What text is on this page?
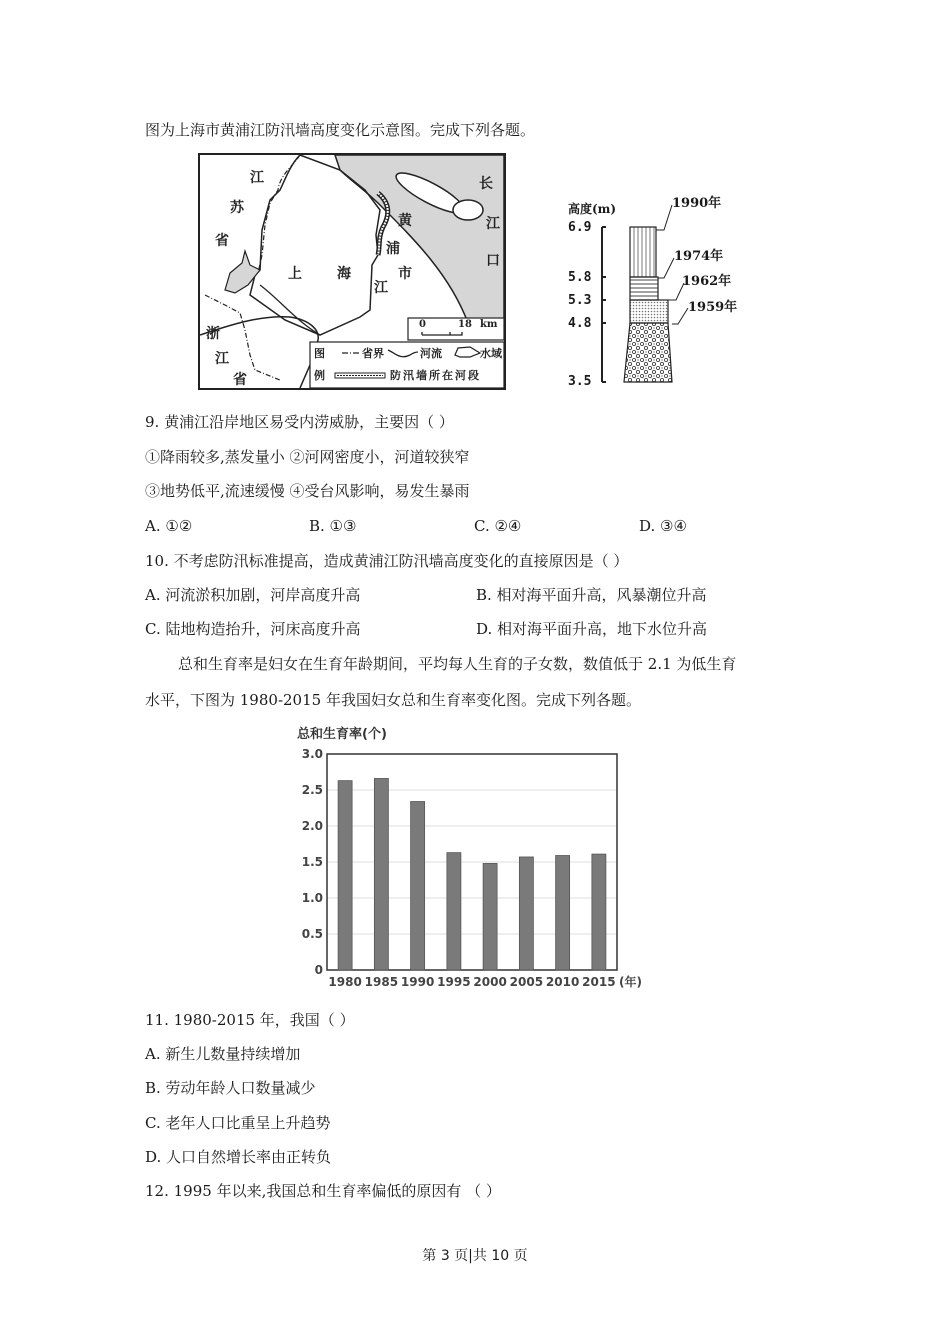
图为上海市黄浦江防汛墙高度变化示意图。完成下列各题。
江
苏
省
上	海	市
黄
浦
江
长
江
口
浙
江
省
0	18 km
图
例
省界	河流	水域
防汛墙所在河段
高度(m)
6.9
5.8
5.3
4.8
3.5
1990年
1974年
1962年
1959年
9. 黄浦江沿岸地区易受内涝威胁，主要因（ ）
①降雨较多,蒸发量小 ②河网密度小，河道较狭窄
③地势低平,流速缓慢 ④受台风影响，易发生暴雨
A. ①②	B. ①③	C. ②④	D. ③④
10. 不考虑防汛标准提高，造成黄浦江防汛墙高度变化的直接原因是（ ）
A. 河流淤积加剧，河岸高度升高	B. 相对海平面升高，风暴潮位升高
C. 陆地构造抬升，河床高度升高	D. 相对海平面升高，地下水位升高
总和生育率是妇女在生育年龄期间，平均每人生育的子女数，数值低于 2.1 为低生育
水平，下图为 1980-2015 年我国妇女总和生育率变化图。完成下列各题。
总和生育率(个)
0
0.5
1.0
1.5
2.0
2.5
3.0
1980 1985 1990 1995 2000 2005 2010 2015 (年)
11. 1980-2015 年，我国（ ）
A. 新生儿数量持续增加
B. 劳动年龄人口数量减少
C. 老年人口比重呈上升趋势
D. 人口自然增长率由正转负
12. 1995 年以来,我国总和生育率偏低的原因有 （ ）
第 3 页|共 10 页
